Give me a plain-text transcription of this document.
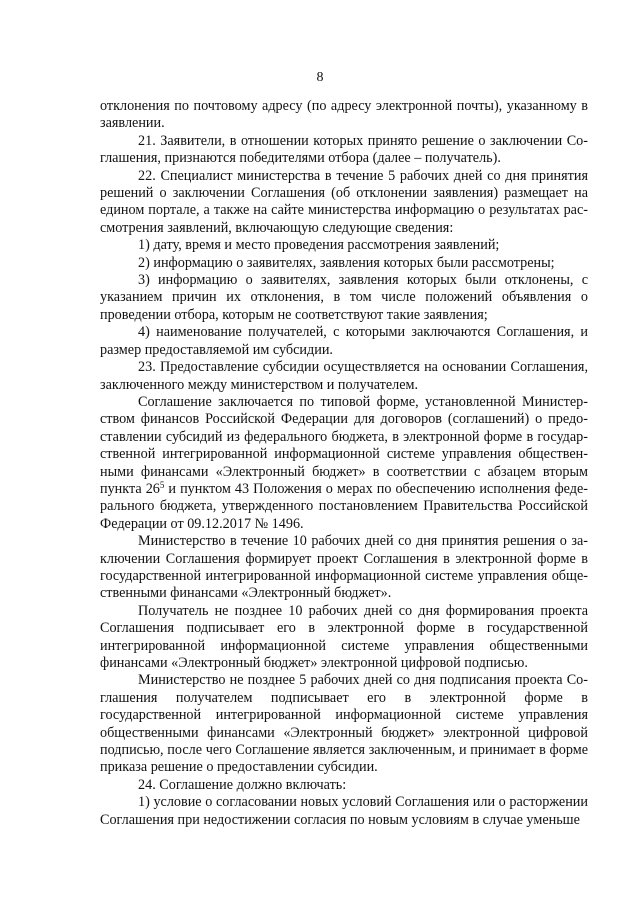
8

отклонения по почтовому адресу (по адресу электронной почты), указанному в заявлении.

21. Заявители, в отношении которых принято решение о заключении Соглашения, признаются победителями отбора (далее – получатель).

22. Специалист министерства в течение 5 рабочих дней со дня принятия решений о заключении Соглашения (об отклонении заявления) размещает на едином портале, а также на сайте министерства информацию о результатах рассмотрения заявлений, включающую следующие сведения:

1) дату, время и место проведения рассмотрения заявлений;

2) информацию о заявителях, заявления которых были рассмотрены;

3) информацию о заявителях, заявления которых были отклонены, с указанием причин их отклонения, в том числе положений объявления о проведении отбора, которым не соответствуют такие заявления;

4) наименование получателей, с которыми заключаются Соглашения, и размер предоставляемой им субсидии.

23. Предоставление субсидии осуществляется на основании Соглашения, заключенного между министерством и получателем.

Соглашение заключается по типовой форме, установленной Министерством финансов Российской Федерации для договоров (соглашений) о предоставлении субсидий из федерального бюджета, в электронной форме в государственной интегрированной информационной системе управления общественными финансами «Электронный бюджет» в соответствии с абзацем вторым пункта $26^5$ и пунктом 43 Положения о мерах по обеспечению исполнения федерального бюджета, утвержденного постановлением Правительства Российской Федерации от 09.12.2017 № 1496.

Министерство в течение 10 рабочих дней со дня принятия решения о заключении Соглашения формирует проект Соглашения в электронной форме в государственной интегрированной информационной системе управления общественными финансами «Электронный бюджет».

Получатель не позднее 10 рабочих дней со дня формирования проекта Соглашения подписывает его в электронной форме в государственной интегрированной информационной системе управления общественными финансами «Электронный бюджет» электронной цифровой подписью.

Министерство не позднее 5 рабочих дней со дня подписания проекта Соглашения получателем подписывает его в электронной форме в государственной интегрированной информационной системе управления общественными финансами «Электронный бюджет» электронной цифровой подписью, после чего Соглашение является заключенным, и принимает в форме приказа решение о предоставлении субсидии.

24. Соглашение должно включать:

1) условие о согласовании новых условий Соглашения или о расторжении Соглашения при недостижении согласия по новым условиям в случае уменьше
